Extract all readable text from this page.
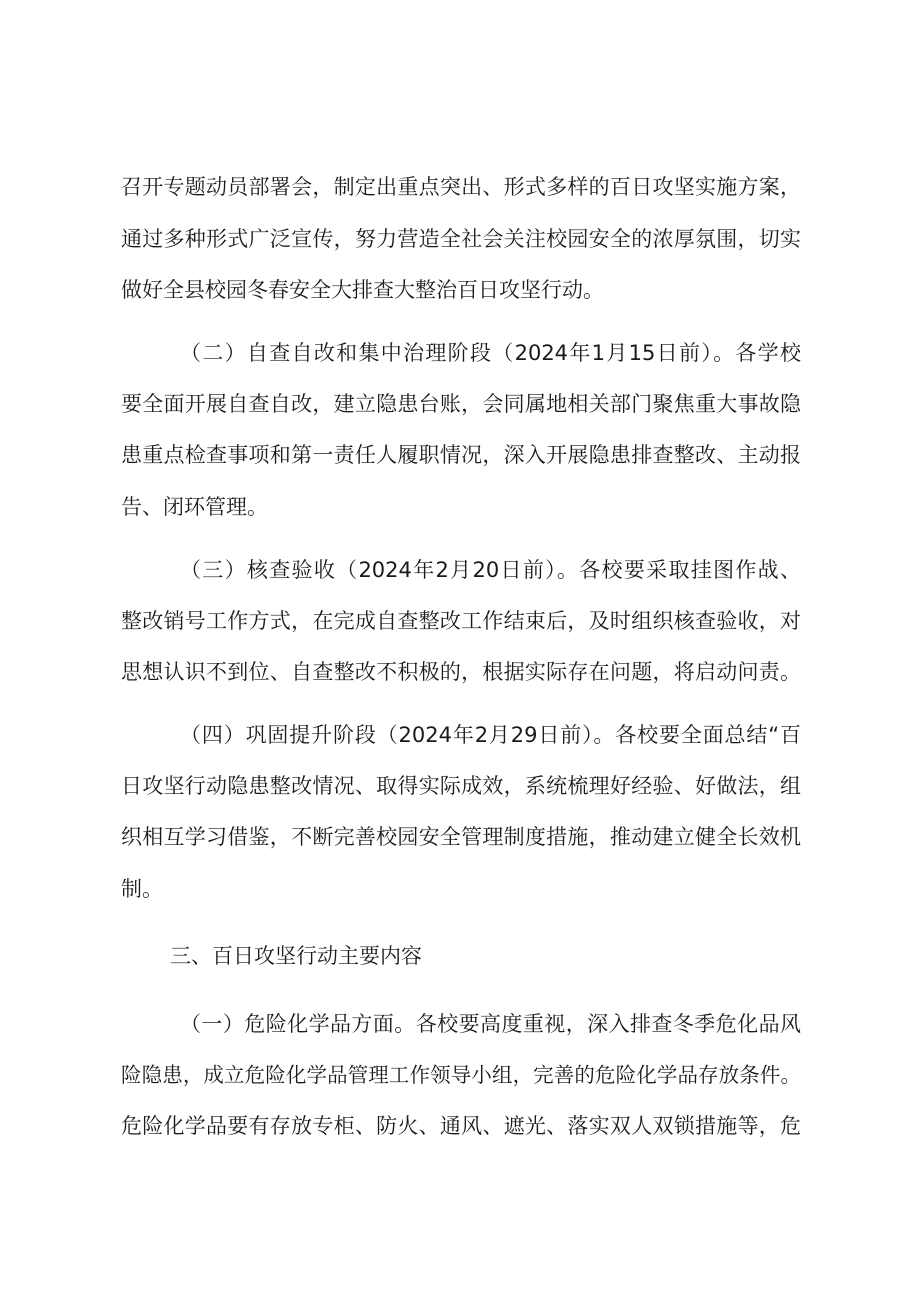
召开专题动员部署会，制定出重点突出、形式多样的百日攻坚实施方案，
通过多种形式广泛宣传，努力营造全社会关注校园安全的浓厚氛围，切实
做好全县校园冬春安全大排查大整治百日攻坚行动。
（二）自查自改和集中治理阶段（2024年1月15日前）。各学校
要全面开展自查自改，建立隐患台账，会同属地相关部门聚焦重大事故隐
患重点检查事项和第一责任人履职情况，深入开展隐患排查整改、主动报
告、闭环管理。
（三）核查验收（2024年2月20日前）。各校要采取挂图作战、
整改销号工作方式，在完成自查整改工作结束后，及时组织核查验收，对
思想认识不到位、自查整改不积极的，根据实际存在问题，将启动问责。
（四）巩固提升阶段（2024年2月29日前）。各校要全面总结“百
日攻坚行动隐患整改情况、取得实际成效，系统梳理好经验、好做法，组
织相互学习借鉴，不断完善校园安全管理制度措施，推动建立健全长效机
制。
三、百日攻坚行动主要内容
（一）危险化学品方面。各校要高度重视，深入排查冬季危化品风
险隐患，成立危险化学品管理工作领导小组，完善的危险化学品存放条件。
危险化学品要有存放专柜、防火、通风、遮光、落实双人双锁措施等，危
